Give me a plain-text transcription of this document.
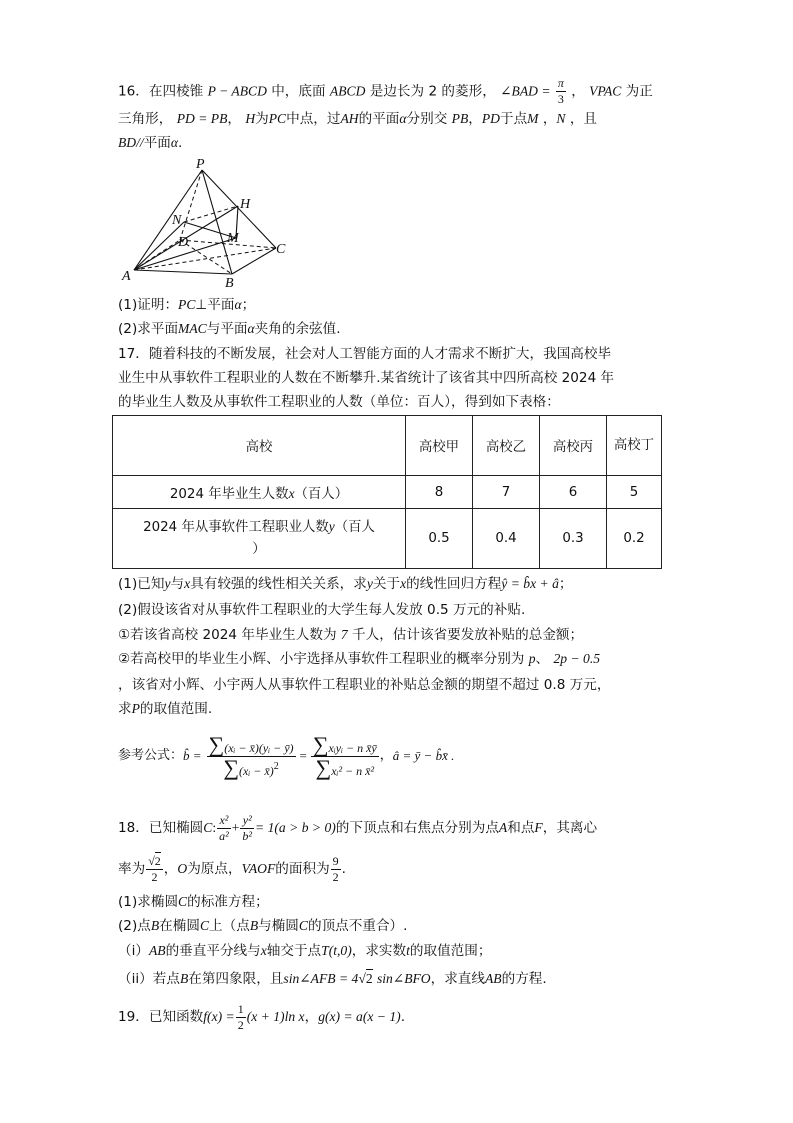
16．在四棱锥 P − ABCD 中，底面 ABCD 是边长为 2 的菱形， ∠BAD = $\frac{\pi}{3}$ ， VPAC 为正
三角形， PD = PB， H为PC中点，过AH的平面α分别交 PB，PD于点M ，N ，且
BD//平面α.
P
H
N
D	M
C
A	B
(1)证明：PC⊥平面α；
(2)求平面MAC与平面α夹角的余弦值.
17．随着科技的不断发展，社会对人工智能方面的人才需求不断扩大，我国高校毕
业生中从事软件工程职业的人数在不断攀升.某省统计了该省其中四所高校 2024 年
的毕业生人数及从事软件工程职业的人数（单位：百人），得到如下表格：
高校	高校甲	高校乙	高校丙	高校丁
2024 年毕业生人数x（百人）	8	7	6	5
2024 年从事软件工程职业人数y（百人
）	0.5	0.4	0.3	0.2
(1)已知y与x具有较强的线性相关关系，求y关于x的线性回归方程ŷ = b̂x + â；
(2)假设该省对从事软件工程职业的大学生每人发放 0.5 万元的补贴.
①若该省高校 2024 年毕业生人数为 7 千人，估计该省要发放补贴的总金额；
②若高校甲的毕业生小辉、小宇选择从事软件工程职业的概率分别为 p、 2p − 0.5
，该省对小辉、小宇两人从事软件工程职业的补贴总金额的期望不超过 0.8 万元，
求P的取值范围.
参考公式： b̂ = $\frac{\text{∑(xᵢ − x̄)(yᵢ − ȳ)}}{\sum(xᵢ - x̄)^2} = \frac{\text{∑xᵢyᵢ − n x̄ȳ}}{\text{∑xᵢ² − n x̄²}}$ ， â = ȳ − b̂x̄ .
18．已知椭圆 C : $\frac{\text{x²}}{\text{a²}} + \frac{\text{y²}}{\text{b²}} = 1(a > b > 0)$ 的下顶点和右焦点分别为点 A 和点 F ，其离心
率为 $\frac{√2}{2}$ ， O 为原点， VAOF 的面积为 $\frac{9}{2}$ .
(1)求椭圆C的标准方程；
(2)点B在椭圆C上（点B与椭圆C的顶点不重合）.
（i）AB的垂直平分线与x轴交于点T(t,0)，求实数t的取值范围；
（ii）若点B在第四象限，且sin∠AFB = 4√2 sin∠BFO，求直线AB的方程.
19．已知函数 $f(x) = \frac{1}{2} (x + 1)\ln$ x ， g(x) = a(x − 1) .
